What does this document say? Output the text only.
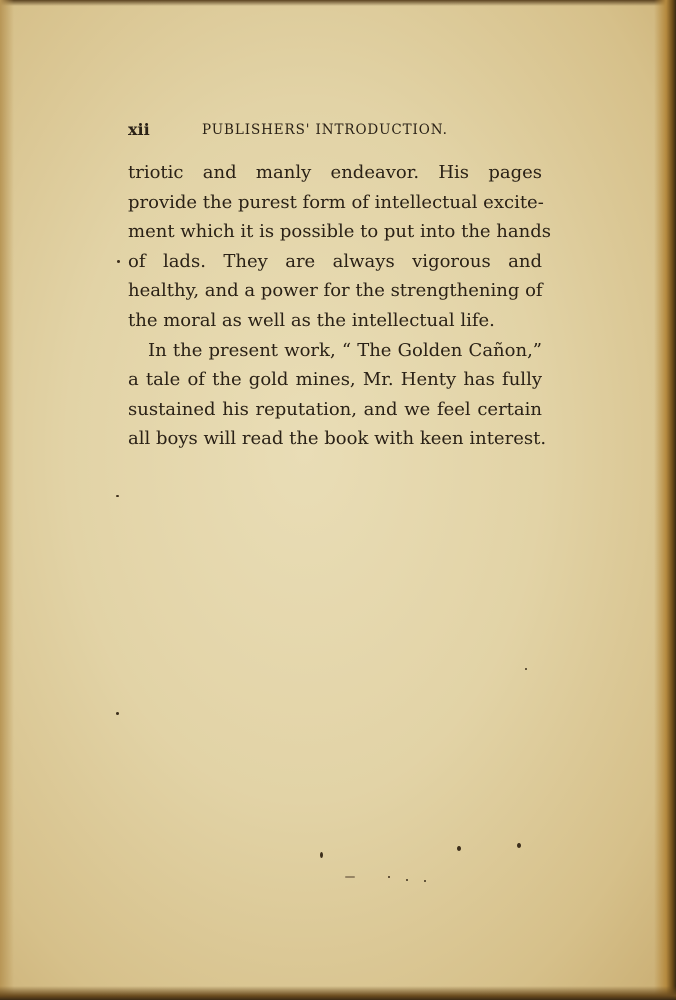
xii	PUBLISHERS' INTRODUCTION.
triotic and manly endeavor. His pages
provide the purest form of intellectual excite-
ment which it is possible to put into the hands
of lads. They are always vigorous and
healthy, and a power for the strengthening of
the moral as well as the intellectual life.
In the present work, “ The Golden Cañon,”
a tale of the gold mines, Mr. Henty has fully
sustained his reputation, and we feel certain
all boys will read the book with keen interest.
